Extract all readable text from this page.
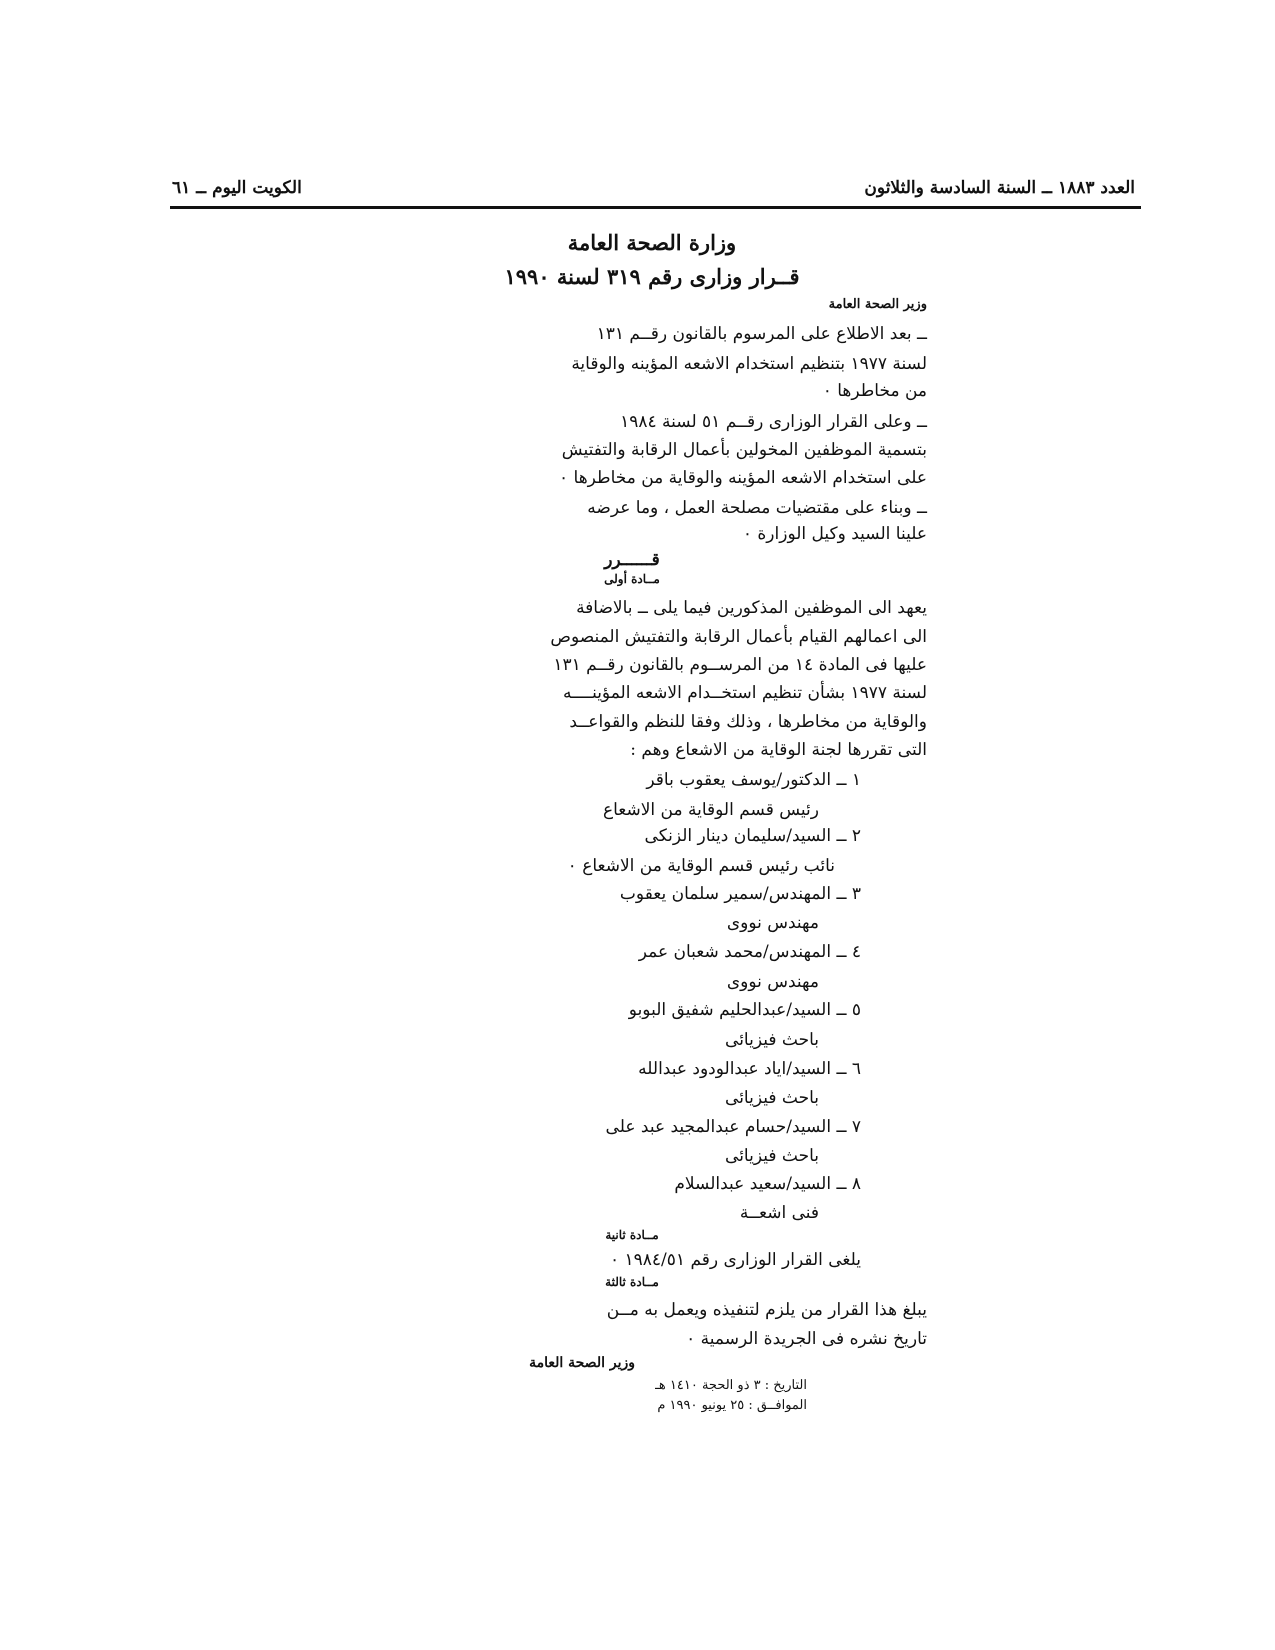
العدد ١٨٨٣ ــ السنة السادسة والثلاثون
الكويت اليوم ــ ٦١
وزارة الصحة العامة
قــرار وزارى رقم ٣١٩ لسنة ١٩٩٠
وزير الصحة العامة
ــ بعد الاطلاع على المرسوم بالقانون رقــم ١٣١
لسنة ١٩٧٧ بتنظيم استخدام الاشعه المؤينه والوقاية
من مخاطرها ٠
ــ وعلى القرار الوزارى رقــم ٥١ لسنة ١٩٨٤
بتسمية الموظفين المخولين بأعمال الرقابة والتفتيش
على استخدام الاشعه المؤينه والوقاية من مخاطرها ٠
ــ وبناء على مقتضيات مصلحة العمل ، وما عرضه
علينا السيد وكيل الوزارة ٠
قــــــرر
مــادة أولى
يعهد الى الموظفين المذكورين فيما يلى ــ بالاضافة
الى اعمالهم القيام بأعمال الرقابة والتفتيش المنصوص
عليها فى المادة ١٤ من المرســوم بالقانون رقــم ١٣١
لسنة ١٩٧٧ بشأن تنظيم استخــدام الاشعه المؤينــــه
والوقاية من مخاطرها ، وذلك وفقا للنظم والقواعــد
التى تقررها لجنة الوقاية من الاشعاع وهم :
١ ــ الدكتور/يوسف يعقوب باقر
رئيس قسم الوقاية من الاشعاع
٢ ــ السيد/سليمان دينار الزنكى
نائب رئيس قسم الوقاية من الاشعاع ٠
٣ ــ المهندس/سمير سلمان يعقوب
مهندس نووى
٤ ــ المهندس/محمد شعبان عمر
مهندس نووى
٥ ــ السيد/عبدالحليم شفيق البوبو
باحث فيزيائى
٦ ــ السيد/اياد عبدالودود عبدالله
باحث فيزيائى
٧ ــ السيد/حسام عبدالمجيد عبد على
باحث فيزيائى
٨ ــ السيد/سعيد عبدالسلام
فنى اشعــة
مــادة ثانية
يلغى القرار الوزارى رقم ١٩٨٤/٥١ ٠
مــادة ثالثة
يبلغ هذا القرار من يلزم لتنفيذه ويعمل به مــن
تاريخ نشره فى الجريدة الرسمية ٠
وزير الصحة العامة
التاريخ : ٣ ذو الحجة ١٤١٠ هـ
الموافــق : ٢٥ يونيو ١٩٩٠ م
